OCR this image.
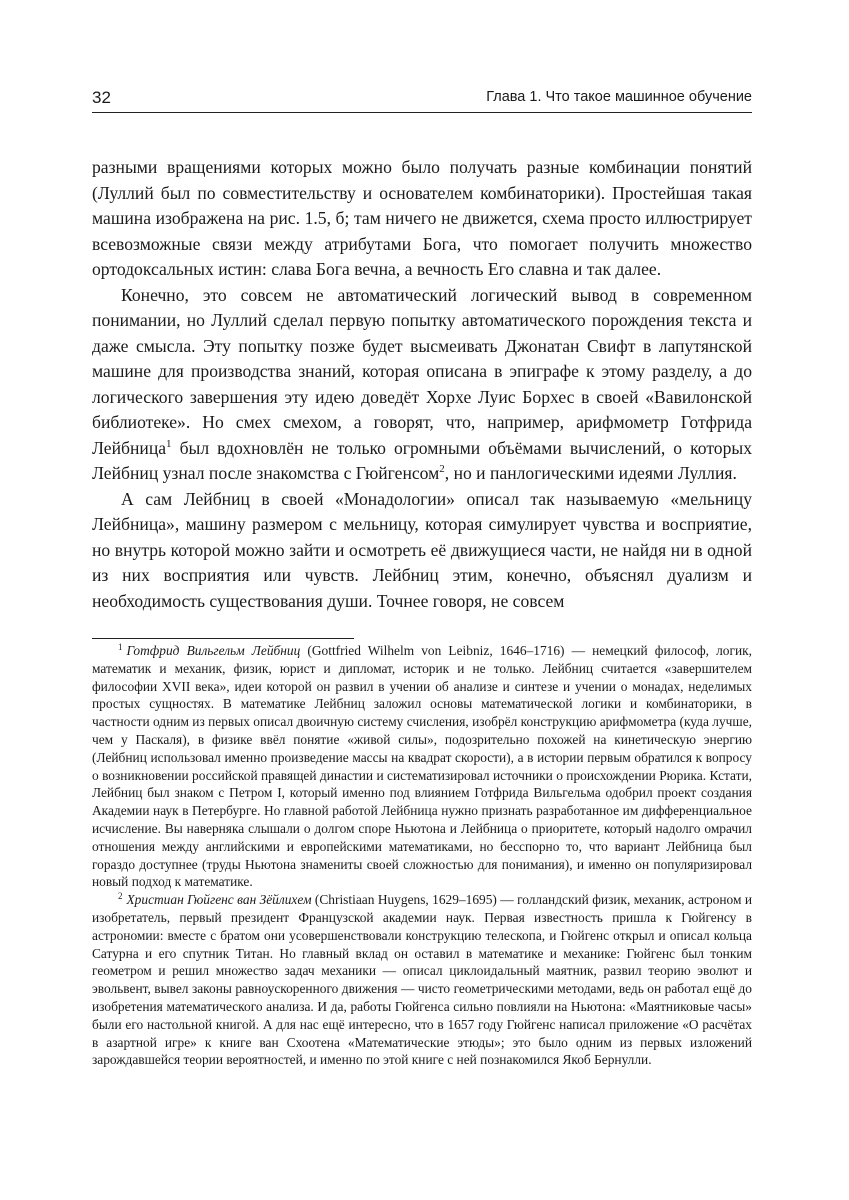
32	Глава 1. Что такое машинное обучение

разными вращениями которых можно было получать разные комбинации понятий (Луллий был по совместительству и основателем комбинаторики). Простейшая такая машина изображена на рис. 1.5, б; там ничего не движется, схема просто иллюстрирует всевозможные связи между атрибутами Бога, что помогает получить множество ортодоксальных истин: слава Бога вечна, а вечность Его славна и так далее.

Конечно, это совсем не автоматический логический вывод в современном понимании, но Луллий сделал первую попытку автоматического порождения текста и даже смысла. Эту попытку позже будет высмеивать Джонатан Свифт в лапутянской машине для производства знаний, которая описана в эпиграфе к этому разделу, а до логического завершения эту идею доведёт Хорхе Луис Борхес в своей «Вавилонской библиотеке». Но смех смехом, а говорят, что, например, арифмометр Готфрида Лейбница$^1$ был вдохновлён не только огромными объёмами вычислений, о которых Лейбниц узнал после знакомства с Гюйгенсом$^2$, но и панлогическими идеями Луллия.

А сам Лейбниц в своей «Монадологии» описал так называемую «мельницу Лейбница», машину размером с мельницу, которая симулирует чувства и восприятие, но внутрь которой можно зайти и осмотреть её движущиеся части, не найдя ни в одной из них восприятия или чувств. Лейбниц этим, конечно, объяснял дуализм и необходимость существования души. Точнее говоря, не совсем

$^1$ Готфрид Вильгельм Лейбниц (Gottfried Wilhelm von Leibniz, 1646–1716) — немецкий философ, логик, математик и механик, физик, юрист и дипломат, историк и не только. Лейбниц считается «завершителем философии XVII века», идеи которой он развил в учении об анализе и синтезе и учении о монадах, неделимых простых сущностях. В математике Лейбниц заложил основы математической логики и комбинаторики, в частности одним из первых описал двоичную систему счисления, изобрёл конструкцию арифмометра (куда лучше, чем у Паскаля), в физике ввёл понятие «живой силы», подозрительно похожей на кинетическую энергию (Лейбниц использовал именно произведение массы на квадрат скорости), а в истории первым обратился к вопросу о возникновении российской правящей династии и систематизировал источники о происхождении Рюрика. Кстати, Лейбниц был знаком с Петром I, который именно под влиянием Готфрида Вильгельма одобрил проект создания Академии наук в Петербурге. Но главной работой Лейбница нужно признать разработанное им дифференциальное исчисление. Вы наверняка слышали о долгом споре Ньютона и Лейбница о приоритете, который надолго омрачил отношения между английскими и европейскими математиками, но бесспорно то, что вариант Лейбница был гораздо доступнее (труды Ньютона знамениты своей сложностью для понимания), и именно он популяризировал новый подход к математике.

$^2$ Христиан Гюйгенс ван Зёйлихем (Christiaan Huygens, 1629–1695) — голландский физик, механик, астроном и изобретатель, первый президент Французской академии наук. Первая известность пришла к Гюйгенсу в астрономии: вместе с братом они усовершенствовали конструкцию телескопа, и Гюйгенс открыл и описал кольца Сатурна и его спутник Титан. Но главный вклад он оставил в математике и механике: Гюйгенс был тонким геометром и решил множество задач механики — описал циклоидальный маятник, развил теорию эволют и эвольвент, вывел законы равноускоренного движения — чисто геометрическими методами, ведь он работал ещё до изобретения математического анализа. И да, работы Гюйгенса сильно повлияли на Ньютона: «Маятниковые часы» были его настольной книгой. А для нас ещё интересно, что в 1657 году Гюйгенс написал приложение «О расчётах в азартной игре» к книге ван Схоотена «Математические этюды»; это было одним из первых изложений зарождавшейся теории вероятностей, и именно по этой книге с ней познакомился Якоб Бернулли.
